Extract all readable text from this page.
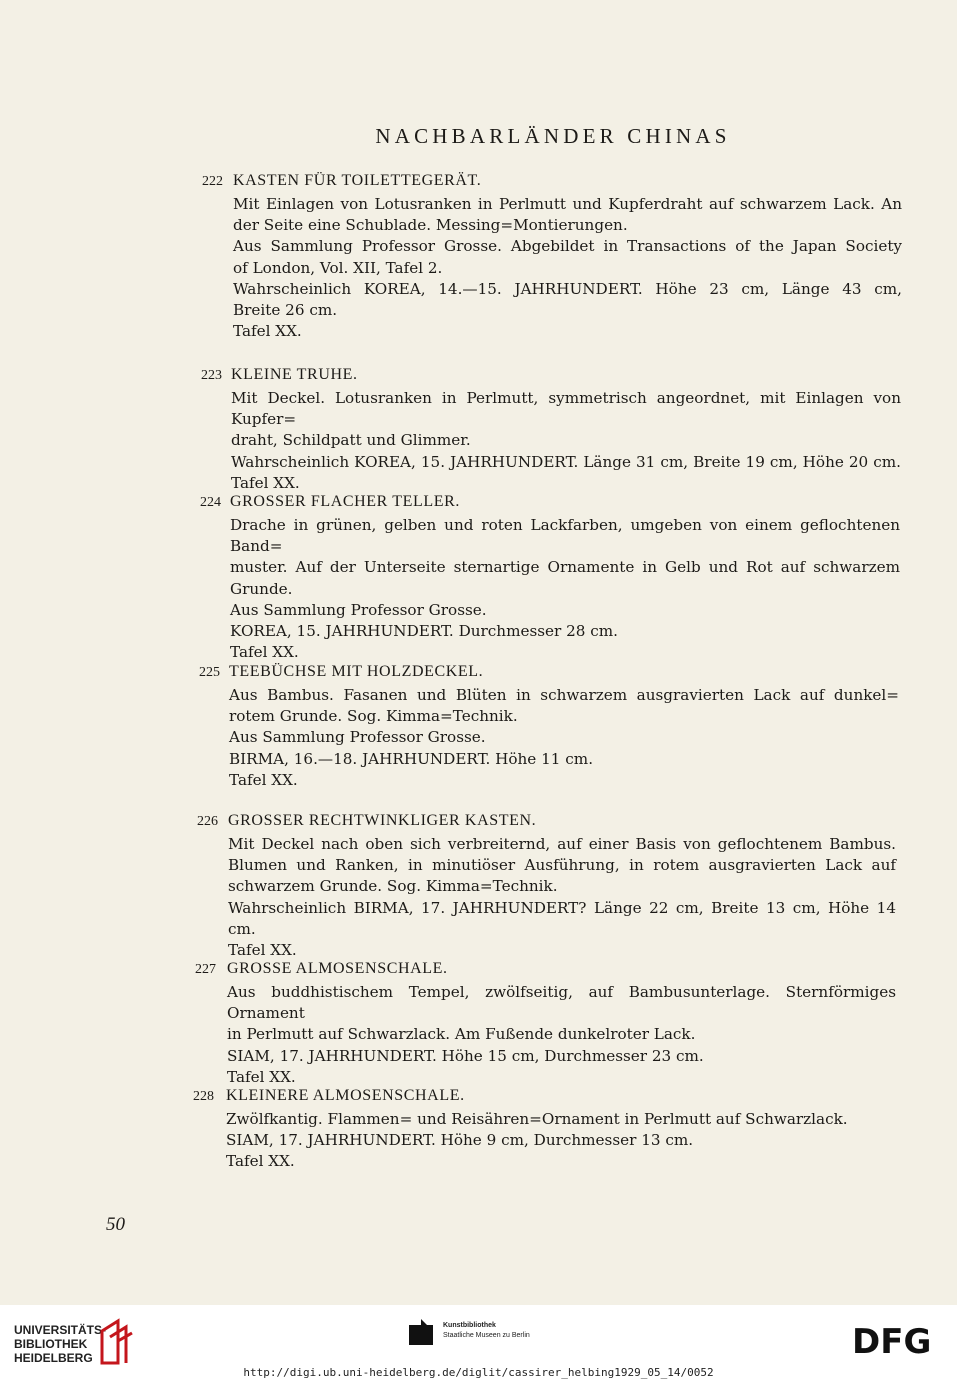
NACHBARLÄNDER CHINAS
222 KASTEN FÜR TOILETTEGERÄT.

Mit Einlagen von Lotusranken in Perlmutt und Kupferdraht auf schwarzem Lack. An

der Seite eine Schublade. Messing=Montierungen.

Aus Sammlung Professor Grosse. Abgebildet in Transactions of the Japan Society

of London, Vol. XII, Tafel 2.

Wahrscheinlich KOREA, 14.—15. JAHRHUNDERT. Höhe 23 cm, Länge 43 cm,

Breite 26 cm.

Tafel XX.

223 KLEINE TRUHE.

Mit Deckel. Lotusranken in Perlmutt, symmetrisch angeordnet, mit Einlagen von Kupfer=

draht, Schildpatt und Glimmer.

Wahrscheinlich KOREA, 15. JAHRHUNDERT. Länge 31 cm, Breite 19 cm, Höhe 20 cm.

Tafel XX.

224 GROSSER FLACHER TELLER.

Drache in grünen, gelben und roten Lackfarben, umgeben von einem geflochtenen Band=

muster. Auf der Unterseite sternartige Ornamente in Gelb und Rot auf schwarzem

Grunde.

Aus Sammlung Professor Grosse.

KOREA, 15. JAHRHUNDERT. Durchmesser 28 cm.

Tafel XX.

225 TEEBÜCHSE MIT HOLZDECKEL.

Aus Bambus. Fasanen und Blüten in schwarzem ausgravierten Lack auf dunkel=

rotem Grunde. Sog. Kimma=Technik.

Aus Sammlung Professor Grosse.

BIRMA, 16.—18. JAHRHUNDERT. Höhe 11 cm.

Tafel XX.

226 GROSSER RECHTWINKLIGER KASTEN.

Mit Deckel nach oben sich verbreiternd, auf einer Basis von geflochtenem Bambus.

Blumen und Ranken, in minutiöser Ausführung, in rotem ausgravierten Lack auf

schwarzem Grunde. Sog. Kimma=Technik.

Wahrscheinlich BIRMA, 17. JAHRHUNDERT? Länge 22 cm, Breite 13 cm, Höhe 14 cm.

Tafel XX.

227 GROSSE ALMOSENSCHALE.

Aus buddhistischem Tempel, zwölfseitig, auf Bambusunterlage. Sternförmiges Ornament

in Perlmutt auf Schwarzlack. Am Fußende dunkelroter Lack.

SIAM, 17. JAHRHUNDERT. Höhe 15 cm, Durchmesser 23 cm.

Tafel XX.

228 KLEINERE ALMOSENSCHALE.

Zwölfkantig. Flammen= und Reisähren=Ornament in Perlmutt auf Schwarzlack.

SIAM, 17. JAHRHUNDERT. Höhe 9 cm, Durchmesser 13 cm.

Tafel XX.

50
UNIVERSITÄTS-
BIBLIOTHEK
HEIDELBERG
Kunstbibliothek
Staatliche Museen zu Berlin	DFG
http://digi.ub.uni-heidelberg.de/diglit/cassirer_helbing1929_05_14/0052
